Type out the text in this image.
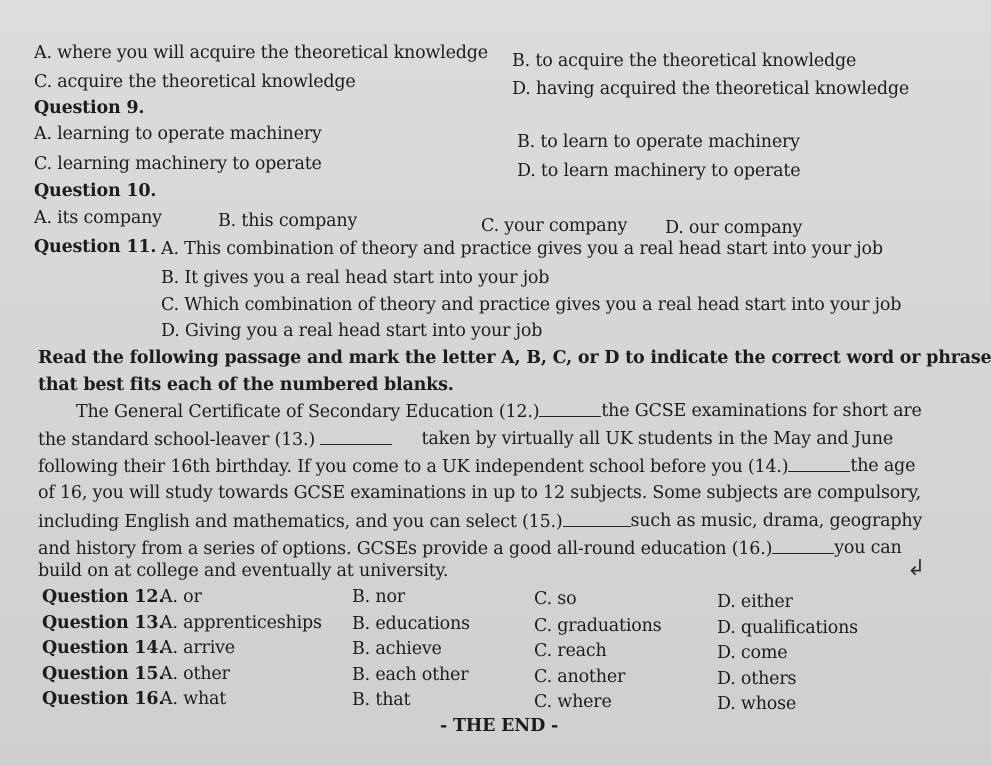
A. where you will acquire the theoretical knowledge B. to acquire the theoretical knowledge
C. acquire the theoretical knowledge	D. having acquired the theoretical knowledge
Question 9.
A. learning to operate machinery	B. to learn to operate machinery
C. learning machinery to operate	D. to learn machinery to operate
Question 10.
A. its company	B. this company	C. your company D. our company
Question 11. A. This combination of theory and practice gives you a real head start into your job
B. It gives you a real head start into your job
C. Which combination of theory and practice gives you a real head start into your job
D. Giving you a real head start into your job
Read the following passage and mark the letter A, B, C, or D to indicate the correct word or phrase
that best fits each of the numbered blanks.
The General Certificate of Secondary Education (12.)	the GCSE examinations for short are
the standard school-leaver (13.)	taken by virtually all UK students in the May and June
following their 16th birthday. If you come to a UK independent school before you (14.)	the age
of 16, you will study towards GCSE examinations in up to 12 subjects. Some subjects are compulsory,
including English and mathematics, and you can select (15.)	such as music, drama, geography
and history from a series of options. GCSEs provide a good all-round education (16.)	you can
build on at college and eventually at university.
Question 12.
A. or	B. nor	C. so	D. either
Question 13.
A. apprenticeships B. educations	C. graduations	D. qualifications
Question 14.
A. arrive	B. achieve	C. reach	D. come
Question 15.
A. other	B. each other	C. another	D. others
Question 16.
A. what	B. that	C. where	D. whose
- THE END -
↲
